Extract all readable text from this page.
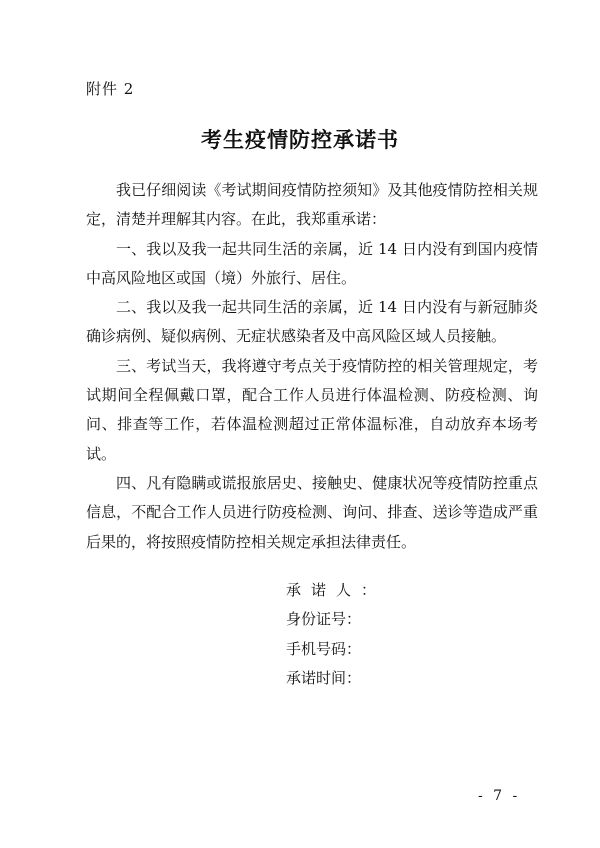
附件 2
考生疫情防控承诺书

我已仔细阅读《考试期间疫情防控须知》及其他疫情防控相关规定，清楚并理解其内容。在此，我郑重承诺：

一、我以及我一起共同生活的亲属，近 14 日内没有到国内疫情中高风险地区或国（境）外旅行、居住。

二、我以及我一起共同生活的亲属，近 14 日内没有与新冠肺炎确诊病例、疑似病例、无症状感染者及中高风险区域人员接触。

三、考试当天，我将遵守考点关于疫情防控的相关管理规定，考试期间全程佩戴口罩，配合工作人员进行体温检测、防疫检测、询问、排查等工作，若体温检测超过正常体温标准，自动放弃本场考试。

四、凡有隐瞒或谎报旅居史、接触史、健康状况等疫情防控重点信息，不配合工作人员进行防疫检测、询问、排查、送诊等造成严重后果的，将按照疫情防控相关规定承担法律责任。

承诺人：
身份证号：
手机号码：
承诺时间：
- 7 -
